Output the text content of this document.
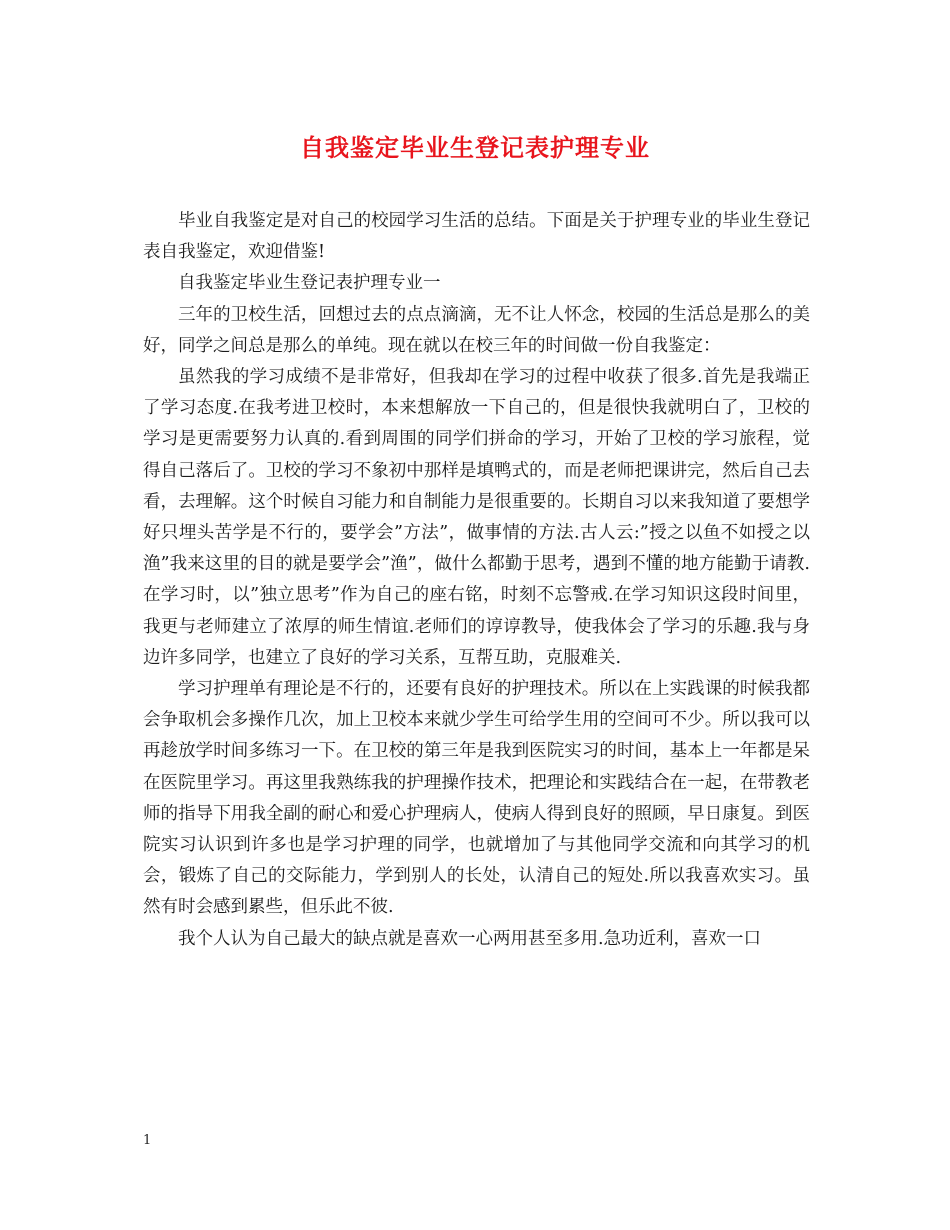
自我鉴定毕业生登记表护理专业

毕业自我鉴定是对自己的校园学习生活的总结。下面是关于护理专业的毕业生登记表自我鉴定，欢迎借鉴!

自我鉴定毕业生登记表护理专业一

三年的卫校生活，回想过去的点点滴滴，无不让人怀念，校园的生活总是那么的美好，同学之间总是那么的单纯。现在就以在校三年的时间做一份自我鉴定：

虽然我的学习成绩不是非常好，但我却在学习的过程中收获了很多.首先是我端正了学习态度.在我考进卫校时，本来想解放一下自己的，但是很快我就明白了，卫校的学习是更需要努力认真的.看到周围的同学们拼命的学习，开始了卫校的学习旅程，觉得自己落后了。卫校的学习不象初中那样是填鸭式的，而是老师把课讲完，然后自己去看，去理解。这个时候自习能力和自制能力是很重要的。长期自习以来我知道了要想学好只埋头苦学是不行的，要学会”方法”，做事情的方法.古人云:”授之以鱼不如授之以渔”我来这里的目的就是要学会”渔”，做什么都勤于思考，遇到不懂的地方能勤于请教.在学习时，以”独立思考”作为自己的座右铭，时刻不忘警戒.在学习知识这段时间里，我更与老师建立了浓厚的师生情谊.老师们的谆谆教导，使我体会了学习的乐趣.我与身边许多同学，也建立了良好的学习关系，互帮互助，克服难关.

学习护理单有理论是不行的，还要有良好的护理技术。所以在上实践课的时候我都会争取机会多操作几次，加上卫校本来就少学生可给学生用的空间可不少。所以我可以再趁放学时间多练习一下。在卫校的第三年是我到医院实习的时间，基本上一年都是呆在医院里学习。再这里我熟练我的护理操作技术，把理论和实践结合在一起，在带教老师的指导下用我全副的耐心和爱心护理病人，使病人得到良好的照顾，早日康复。到医院实习认识到许多也是学习护理的同学，也就增加了与其他同学交流和向其学习的机会，锻炼了自己的交际能力，学到别人的长处，认清自己的短处.所以我喜欢实习。虽然有时会感到累些，但乐此不彼.

我个人认为自己最大的缺点就是喜欢一心两用甚至多用.急功近利，喜欢一口

1
